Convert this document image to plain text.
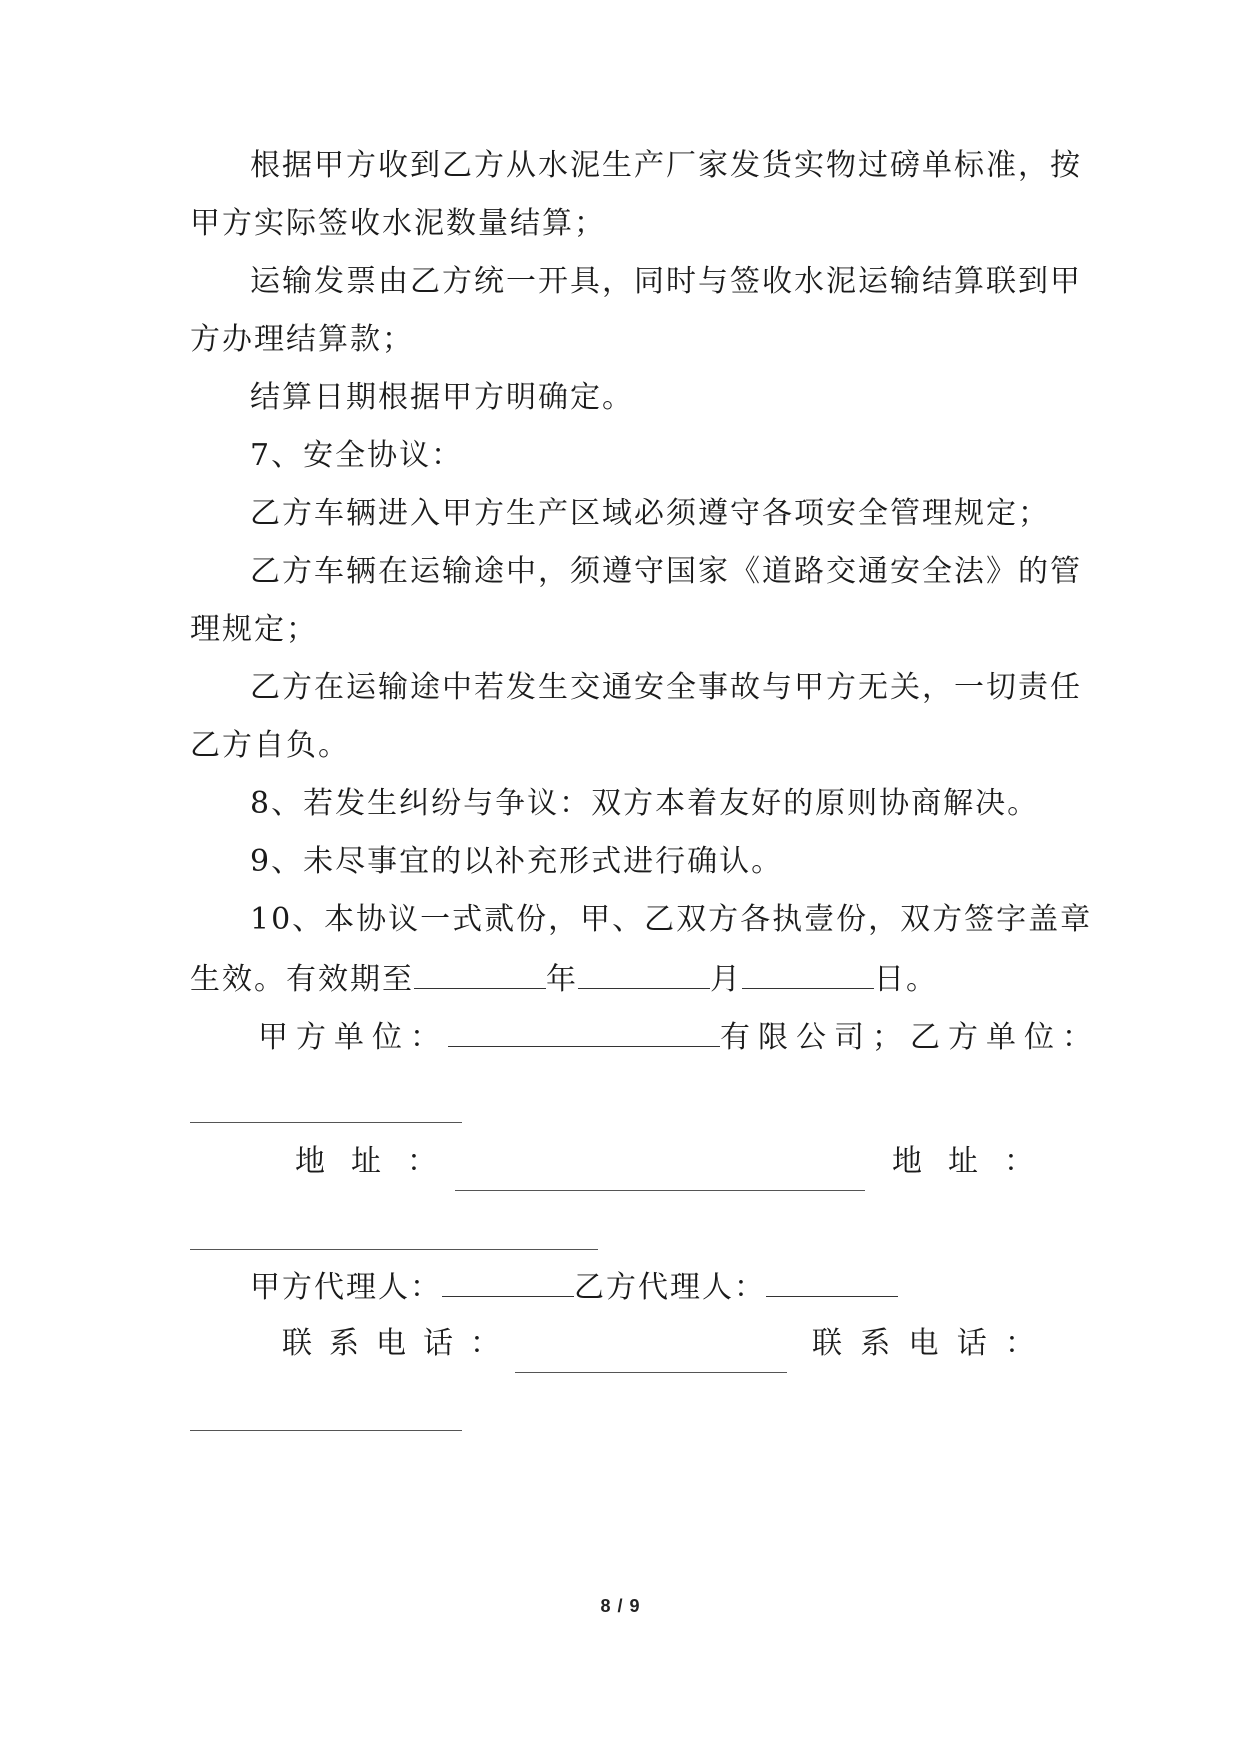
根据甲方收到乙方从水泥生产厂家发货实物过磅单标准，按
甲方实际签收水泥数量结算；
运输发票由乙方统一开具，同时与签收水泥运输结算联到甲
方办理结算款；
结算日期根据甲方明确定。
7、安全协议：
乙方车辆进入甲方生产区域必须遵守各项安全管理规定；
乙方车辆在运输途中，须遵守国家《道路交通安全法》的管
理规定；
乙方在运输途中若发生交通安全事故与甲方无关，一切责任
乙方自负。
8、若发生纠纷与争议：双方本着友好的原则协商解决。
9、未尽事宜的以补充形式进行确认。
10、本协议一式贰份，甲、乙双方各执壹份，双方签字盖章
生效。有效期至	年	月	日。
甲方单位：	有限公司；乙方单位：
地址：	地址：
甲方代理人：	乙方代理人：
联系电话：	联系电话：
8 / 9
